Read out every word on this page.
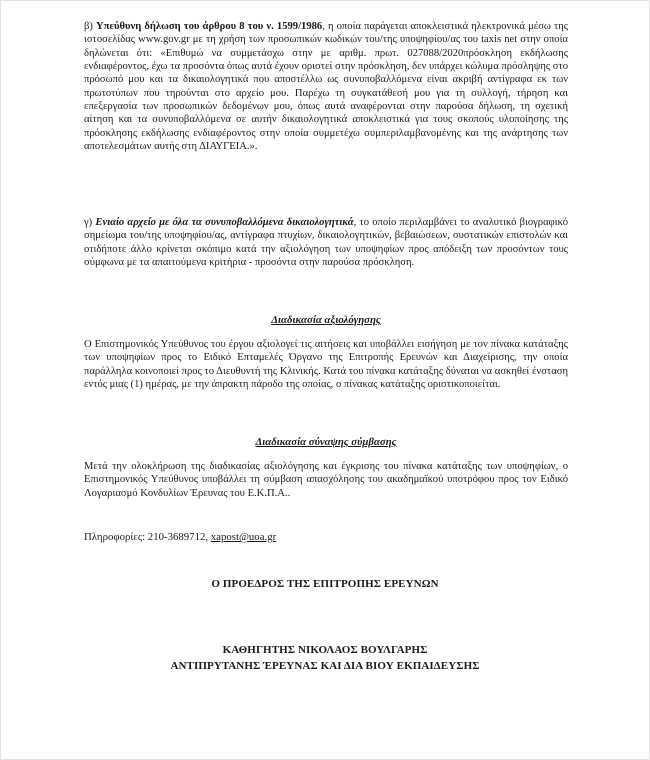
β) Υπεύθυνη δήλωση του άρθρου 8 του ν. 1599/1986, η οποία παράγεται αποκλειστικά ηλεκτρονικά μέσω της ιστοσελίδας www.gov.gr με τη χρήση των προσωπικών κωδικών του/της υποψηφίου/ας του taxis net στην οποία δηλώνεται ότι: «Επιθυμώ να συμμετάσχω στην με αριθμ. πρωτ. 027088/2020πρόσκληση εκδήλωσης ενδιαφέροντος, έχω τα προσόντα όπως αυτά έχουν οριστεί στην πρόσκληση, δεν υπάρχει κώλυμα πρόσληψης στο πρόσωπό μου και τα δικαιολογητικά που αποστέλλω ως συνυποβαλλόμενα είναι ακριβή αντίγραφα εκ των πρωτοτύπων που τηρούνται στο αρχείο μου. Παρέχω τη συγκατάθεσή μου για τη συλλογή, τήρηση και επεξεργασία των προσωπικών δεδομένων μου, όπως αυτά αναφέρονται στην παρούσα δήλωση, τη σχετική αίτηση και τα συνυποβαλλόμενα σε αυτήν δικαιολογητικά αποκλειστικά για τους σκοπούς υλοποίησης της πρόσκλησης εκδήλωσης ενδιαφέροντος στην οποία συμμετέχω συμπεριλαμβανομένης και της ανάρτησης των αποτελεσμάτων αυτής στη ΔΙΑΥΓΕΙΑ.».

γ) Ενιαίο αρχείο με όλα τα συνυποβαλλόμενα δικαιολογητικά, το οποίο περιλαμβάνει το αναλυτικό βιογραφικό σημείωμα του/της υποψηφίου/ας, αντίγραφα πτυχίων, δικαιολογητικών, βεβαιώσεων, συστατικών επιστολών και οτιδήποτε άλλο κρίνεται σκόπιμο κατά την αξιολόγηση των υποψηφίων προς απόδειξη των προσόντων τους σύμφωνα με τα απαιτούμενα κριτήρια - προσόντα στην παρούσα πρόσκληση.

Διαδικασία αξιολόγησης
Ο Επιστημονικός Υπεύθυνος του έργου αξιολογεί τις αιτήσεις και υποβάλλει εισήγηση με τον πίνακα κατάταξης των υποψηφίων προς το Ειδικό Επταμελές Όργανο της Επιτροπής Ερευνών και Διαχείρισης, την οποία παράλληλα κοινοποιεί προς το Διευθυντή της Κλινικής. Κατά του πίνακα κατάταξης δύναται να ασκηθεί ένσταση εντός μιας (1) ημέρας, με την άπρακτη πάροδο της οποίας, ο πίνακας κατάταξης οριστικοποιείται.
Διαδικασία σύναψης σύμβασης
Μετά την ολοκλήρωση της διαδικασίας αξιολόγησης και έγκρισης του πίνακα κατάταξης των υποψηφίων, ο Επιστημονικός Υπεύθυνος υποβάλλει τη σύμβαση απασχόλησης του ακαδημαϊκού υποτρόφου προς τον Ειδικό Λογαριασμό Κονδυλίων Έρευνας του Ε.Κ.Π.Α..
Πληροφορίες: 210-3689712, xapost@uoa.gr
Ο ΠΡΟΕΔΡΟΣ ΤΗΣ ΕΠΙΤΡΟΠΗΣ ΕΡΕΥΝΩΝ
ΚΑΘΗΓΗΤΗΣ ΝΙΚΟΛΑΟΣ ΒΟΥΛΓΑΡΗΣ
ΑΝΤΙΠΡΥΤΑΝΗΣ ΈΡΕΥΝΑΣ ΚΑΙ ΔΙΑ ΒΙΟΥ ΕΚΠΑΙΔΕΥΣΗΣ
